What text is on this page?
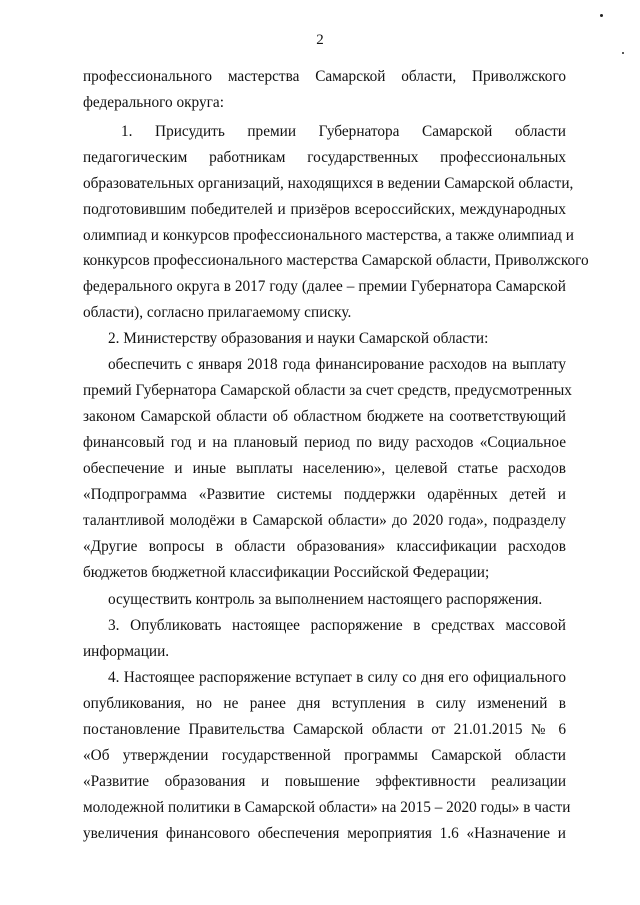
2
профессионального мастерства Самарской области, Приволжского
федерального округа:
1. Присудить премии Губернатора Самарской области
педагогическим работникам государственных профессиональных
образовательных организаций, находящихся в ведении Самарской области,
подготовившим победителей и призёров всероссийских, международных
олимпиад и конкурсов профессионального мастерства, а также олимпиад и
конкурсов профессионального мастерства Самарской области, Приволжского
федерального округа в 2017 году (далее – премии Губернатора Самарской
области), согласно прилагаемому списку.
2. Министерству образования и науки Самарской области:
обеспечить с января 2018 года финансирование расходов на выплату
премий Губернатора Самарской области за счет средств, предусмотренных
законом Самарской области об областном бюджете на соответствующий
финансовый год и на плановый период по виду расходов «Социальное
обеспечение и иные выплаты населению», целевой статье расходов
«Подпрограмма «Развитие системы поддержки одарённых детей и
талантливой молодёжи в Самарской области» до 2020 года», подразделу
«Другие вопросы в области образования» классификации расходов
бюджетов бюджетной классификации Российской Федерации;
осуществить контроль за выполнением настоящего распоряжения.
3. Опубликовать настоящее распоряжение в средствах массовой
информации.
4. Настоящее распоряжение вступает в силу со дня его официального
опубликования, но не ранее дня вступления в силу изменений в
постановление Правительства Самарской области от 21.01.2015 № 6
«Об утверждении государственной программы Самарской области
«Развитие образования и повышение эффективности реализации
молодежной политики в Самарской области» на 2015 – 2020 годы» в части
увеличения финансового обеспечения мероприятия 1.6 «Назначение и
